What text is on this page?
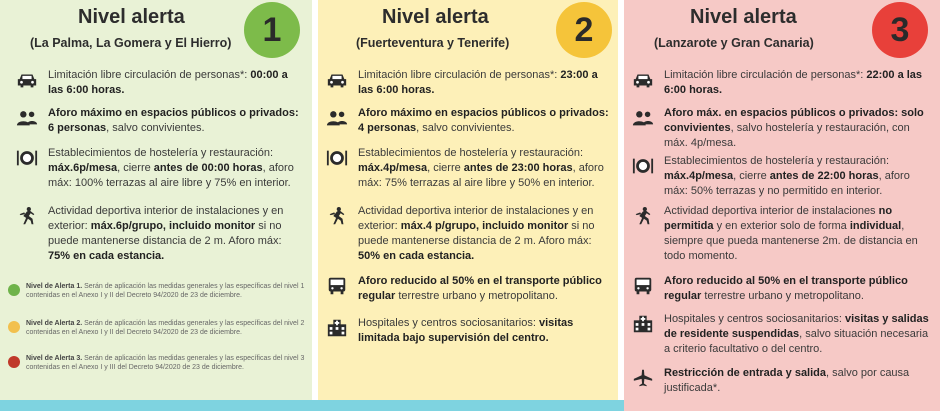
Nivel alerta
(La Palma, La Gomera y El Hierro) 1
Limitación libre circulación de personas*: 00:00 a las 6:00 horas.
Aforo máximo en espacios públicos o privados: 6 personas, salvo convivientes.
Establecimientos de hostelería y restauración: máx.6p/mesa, cierre antes de 00:00 horas, aforo máx: 100% terrazas al aire libre y 75% en interior.
Actividad deportiva interior de instalaciones y en exterior: máx.6p/grupo, incluido monitor si no puede mantenerse distancia de 2 m. Aforo máx: 75% en cada estancia.
Nivel de Alerta 1. Serán de aplicación las medidas generales y las específicas del nivel 1 contenidas en el Anexo I y II del Decreto 94/2020 de 23 de diciembre.
Nivel de Alerta 2. Serán de aplicación las medidas generales y las específicas del nivel 2 contenidas en el Anexo I y II del Decreto 94/2020 de 23 de diciembre.
Nivel de Alerta 3. Serán de aplicación las medidas generales y las específicas del nivel 3 contenidas en el Anexo I y III del Decreto 94/2020 de 23 de diciembre.
Nivel alerta
(Fuerteventura y Tenerife)	2
Limitación libre circulación de personas*: 23:00 a las 6:00 horas.
Aforo máximo en espacios públicos o privados: 4 personas, salvo convivientes.
Establecimientos de hostelería y restauración: máx.4p/mesa, cierre antes de 23:00 horas, aforo máx: 75% terrazas al aire libre y 50% en interior.
Actividad deportiva interior de instalaciones y en exterior: máx.4 p/grupo, incluido monitor si no puede mantenerse distancia de 2 m. Aforo máx: 50% en cada estancia.
Aforo reducido al 50% en el transporte público regular terrestre urbano y metropolitano.
Hospitales y centros sociosanitarios: visitas limitada bajo supervisión del centro.
Nivel alerta
(Lanzarote y Gran Canaria)	3
Limitación libre circulación de personas*: 22:00 a las 6:00 horas.
Aforo máx. en espacios públicos o privados: solo convivientes, salvo hostelería y restauración, con máx. 4p/mesa.
Establecimientos de hostelería y restauración: máx.4p/mesa, cierre antes de 22:00 horas, aforo máx: 50% terrazas y no permitido en interior.
Actividad deportiva interior de instalaciones no permitida y en exterior solo de forma individual, siempre que pueda mantenerse 2m. de distancia en todo momento.
Aforo reducido al 50% en el transporte público regular terrestre urbano y metropolitano.
Hospitales y centros sociosanitarios: visitas y salidas de residente suspendidas, salvo situación necesaria a criterio facultativo o del centro.
Restricción de entrada y salida, salvo por causa justificada*.
